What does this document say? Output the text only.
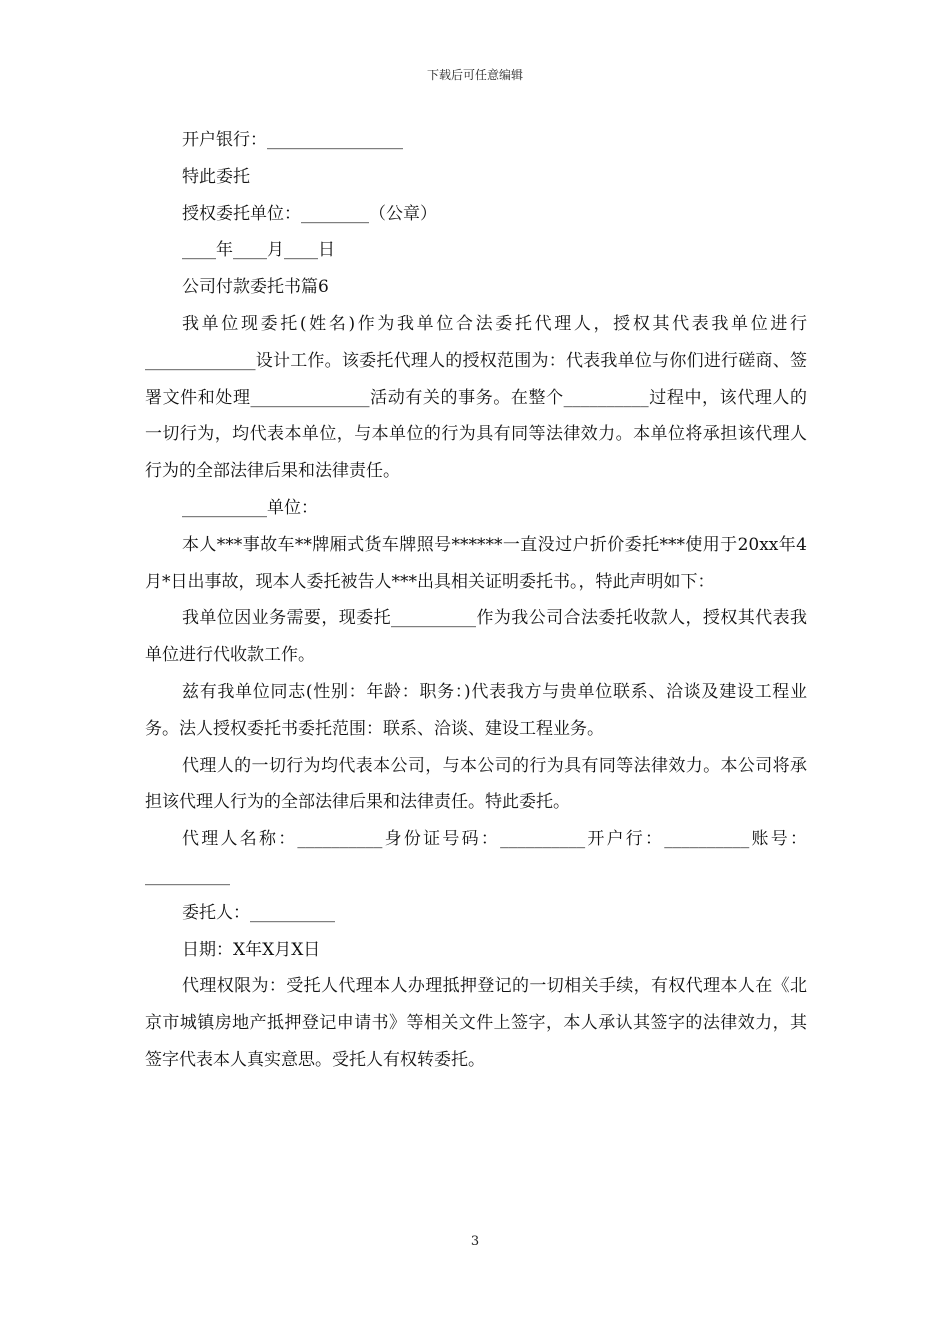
下载后可任意编辑

开户银行：________________

特此委托

授权委托单位：________（公章）

____年____月____日

公司付款委托书篇6

我单位现委托(姓名)作为我单位合法委托代理人，授权其代表我单位进行_____________设计工作。该委托代理人的授权范围为：代表我单位与你们进行磋商、签署文件和处理______________活动有关的事务。在整个__________过程中，该代理人的一切行为，均代表本单位，与本单位的行为具有同等法律效力。本单位将承担该代理人行为的全部法律后果和法律责任。

__________单位：

本人***事故车**牌厢式货车牌照号******一直没过户折价委托***使用于20xx年4月*日出事故，现本人委托被告人***出具相关证明委托书。，特此声明如下：

我单位因业务需要，现委托__________作为我公司合法委托收款人，授权其代表我单位进行代收款工作。

兹有我单位同志(性别：年龄：职务：)代表我方与贵单位联系、洽谈及建设工程业务。法人授权委托书委托范围：联系、洽谈、建设工程业务。

代理人的一切行为均代表本公司，与本公司的行为具有同等法律效力。本公司将承担该代理人行为的全部法律后果和法律责任。特此委托。

代理人名称：__________身份证号码：__________开户行：__________账号：__________

委托人：__________

日期：X年X月X日

代理权限为：受托人代理本人办理抵押登记的一切相关手续，有权代理本人在《北京市城镇房地产抵押登记申请书》等相关文件上签字，本人承认其签字的法律效力，其签字代表本人真实意思。受托人有权转委托。

3
